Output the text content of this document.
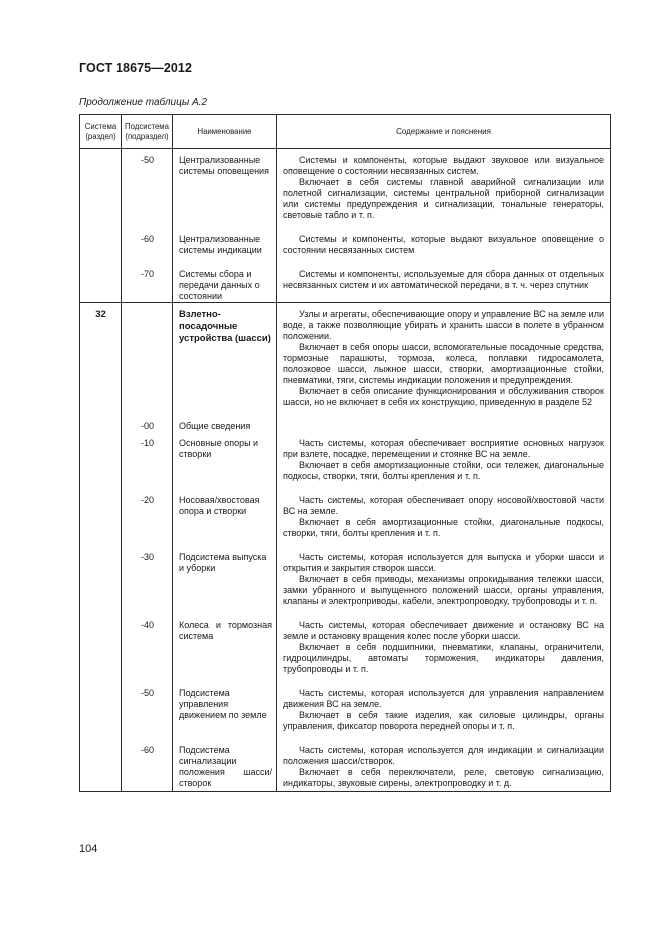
ГОСТ 18675—2012
Продолжение таблицы А.2
Система (раздел)	Подсистема (подраздел)	Наименование	Содержание и пояснения
	-50	Централизованные системы оповещения	Системы и компоненты, которые выдают звуковое или визуальное оповещение о состоянии несвязанных систем.

Включает в себя системы главной аварийной сигнализации или полетной сигнализации, системы центральной приборной сигнализации или системы предупреждения и сигнализации, тональные генераторы, световые табло и т. п.

	-60	Централизованные системы индикации	Системы и компоненты, которые выдают визуальное оповещение о состоянии несвязанных систем

	-70	Системы сбора и передачи данных о состоянии	Системы и компоненты, используемые для сбора данных от отдельных несвязанных систем и их автоматической передачи, в т. ч. через спутник

32		Взлетно-посадочные устройства (шасси)	Узлы и агрегаты, обеспечивающие опору и управление ВС на земле или воде, а также позволяющие убирать и хранить шасси в полете в убранном положении.

Включает в себя опоры шасси, вспомогательные посадочные средства, тормозные парашюты, тормоза, колеса, поплавки гидросамолета, полозковое шасси, лыжное шасси, створки, амортизационные стойки, пневматики, тяги, системы индикации положения и предупреждения.

Включает в себя описание функционирования и обслуживания створок шасси, но не включает в себя их конструкцию, приведенную в разделе 52

	-00	Общие сведения	

	-10	Основные опоры и створки	Часть системы, которая обеспечивает восприятие основных нагрузок при взлете, посадке, перемещении и стоянке ВС на земле.

Включает в себя амортизационные стойки, оси тележек, диагональные подкосы, створки, тяги, болты крепления и т. п.

	-20	Носовая/хвостовая опора и створки	Часть системы, которая обеспечивает опору носовой/хвостовой части ВС на земле.

Включает в себя амортизационные стойки, диагональные подкосы, створки, тяги, болты крепления и т. п.

	-30	Подсистема выпуска и уборки	Часть системы, которая используется для выпуска и уборки шасси и открытия и закрытия створок шасси.

Включает в себя приводы, механизмы опрокидывания тележки шасси, замки убранного и выпущенного положений шасси, органы управления, клапаны и электроприводы, кабели, электропроводку, трубопроводы и т. п.

	-40	Колеса и тормозная система	Часть системы, которая обеспечивает движение и остановку ВС на земле и остановку вращения колес после уборки шасси.

Включает в себя подшипники, пневматики, клапаны, ограничители, гидроцилиндры, автоматы торможения, индикаторы давления, трубопроводы и т. п.

	-50	Подсистема управления движением по земле	Часть системы, которая используется для управления направлением движения ВС на земле.

Включает в себя такие изделия, как силовые цилиндры, органы управления, фиксатор поворота передней опоры и т. п.

	-60	Подсистема сигнализации положения шасси/створок	Часть системы, которая используется для индикации и сигнализации положения шасси/створок.

Включает в себя переключатели, реле, световую сигнализацию, индикаторы, звуковые сирены, электропроводку и т. д.

104
